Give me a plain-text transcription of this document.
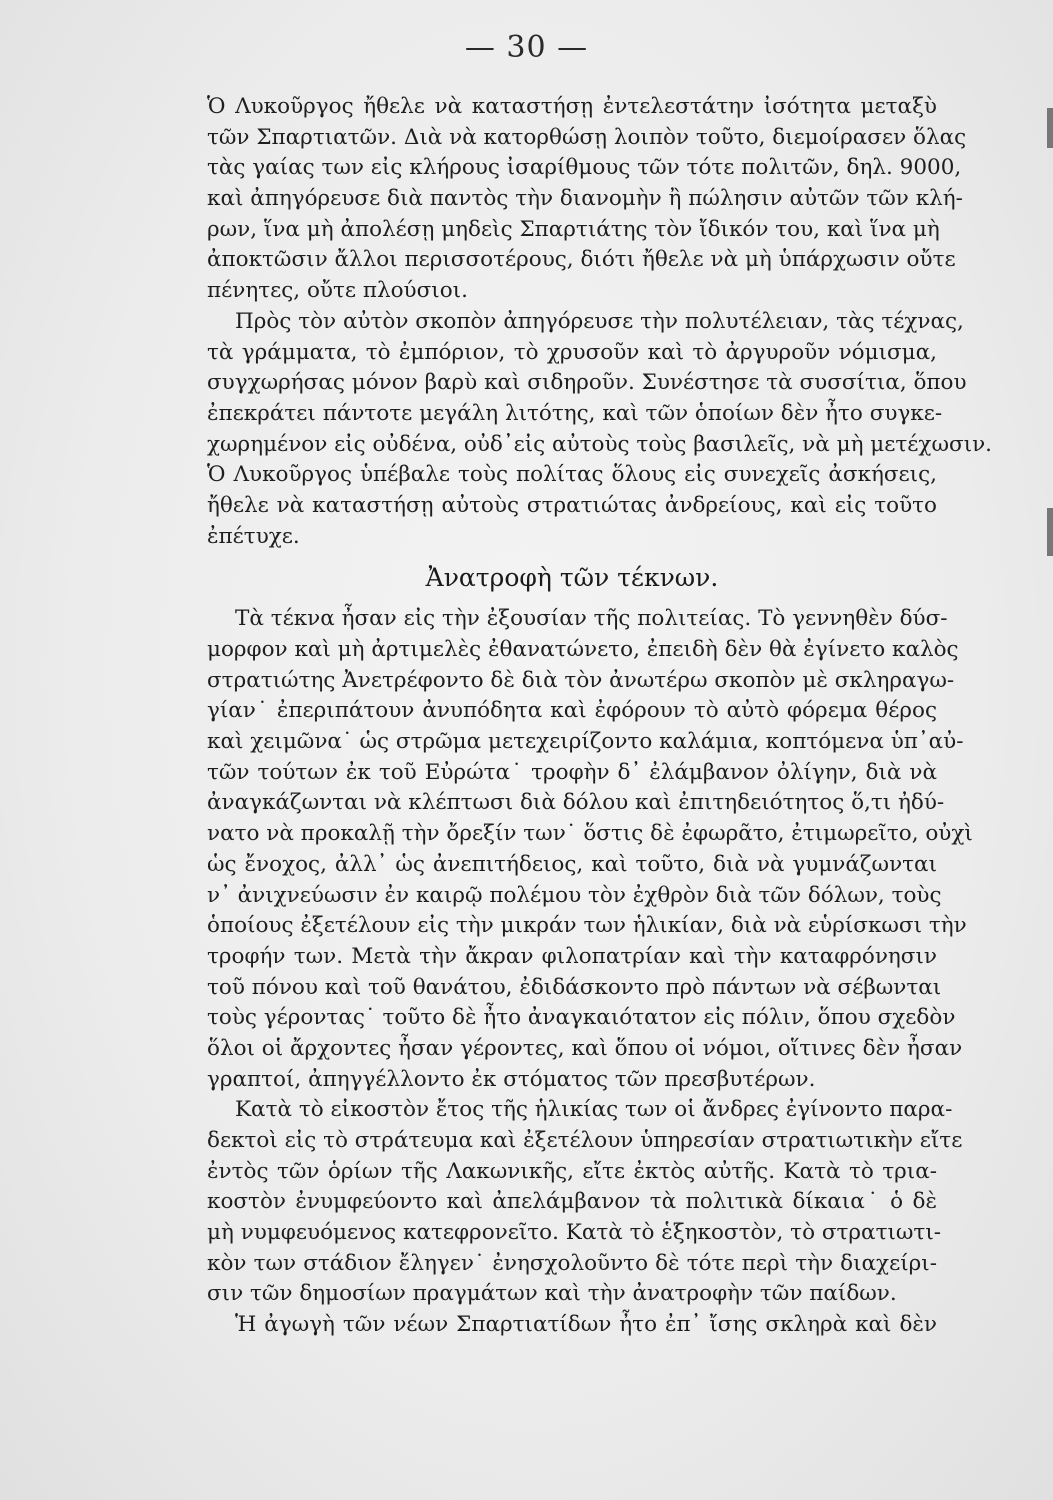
— 30 —
Ὁ Λυκοῦργος ἤθελε νὰ καταστήσῃ ἐντελεστάτην ἰσότητα μεταξὺ
τῶν Σπαρτιατῶν. Διὰ νὰ κατορθώσῃ λοιπὸν τοῦτο, διεμοίρασεν ὅλας
τὰς γαίας των εἰς κλήρους ἰσαρίθμους τῶν τότε πολιτῶν, δηλ. 9000,
καὶ ἀπηγόρευσε διὰ παντὸς τὴν διανομὴν ἢ πώλησιν αὐτῶν τῶν κλή-
ρων, ἵνα μὴ ἀπολέσῃ μηδεὶς Σπαρτιάτης τὸν ἴδικόν του, καὶ ἵνα μὴ
ἀποκτῶσιν ἄλλοι περισσοτέρους, διότι ἤθελε νὰ μὴ ὑπάρχωσιν οὔτε
πένητες, οὔτε πλούσιοι.
Πρὸς τὸν αὐτὸν σκοπὸν ἀπηγόρευσε τὴν πολυτέλειαν, τὰς τέχνας,
τὰ γράμματα, τὸ ἐμπόριον, τὸ χρυσοῦν καὶ τὸ ἀργυροῦν νόμισμα,
συγχωρήσας μόνον βαρὺ καὶ σιδηροῦν. Συνέστησε τὰ συσσίτια, ὅπου
ἐπεκράτει πάντοτε μεγάλη λιτότης, καὶ τῶν ὁποίων δὲν ἦτο συγκε-
χωρημένον εἰς οὐδένα, οὐδ᾽εἰς αὐτοὺς τοὺς βασιλεῖς, νὰ μὴ μετέχωσιν.
Ὁ Λυκοῦργος ὑπέβαλε τοὺς πολίτας ὅλους εἰς συνεχεῖς ἀσκήσεις,
ἤθελε νὰ καταστήσῃ αὐτοὺς στρατιώτας ἀνδρείους, καὶ εἰς τοῦτο
ἐπέτυχε.
Ἀνατροφὴ τῶν τέκνων.
Τὰ τέκνα ἦσαν εἰς τὴν ἐξουσίαν τῆς πολιτείας. Τὸ γεννηθὲν δύσ-
μορφον καὶ μὴ ἀρτιμελὲς ἐθανατώνετο, ἐπειδὴ δὲν θὰ ἐγίνετο καλὸς
στρατιώτης Ἀνετρέφοντο δὲ διὰ τὸν ἀνωτέρω σκοπὸν μὲ σκληραγω-
γίαν˙ ἐπεριπάτουν ἀνυπόδητα καὶ ἐφόρουν τὸ αὐτὸ φόρεμα θέρος
καὶ χειμῶνα˙ ὡς στρῶμα μετεχειρίζοντο καλάμια, κοπτόμενα ὑπ᾽αὐ-
τῶν τούτων ἐκ τοῦ Εὐρώτα˙ τροφὴν δ᾽ ἐλάμβανον ὀλίγην, διὰ νὰ
ἀναγκάζωνται νὰ κλέπτωσι διὰ δόλου καὶ ἐπιτηδειότητος ὅ,τι ἠδύ-
νατο νὰ προκαλῇ τὴν ὄρεξίν των˙ ὅστις δὲ ἐφωρᾶτο, ἐτιμωρεῖτο, οὐχὶ
ὡς ἔνοχος, ἀλλ᾽ ὡς ἀνεπιτήδειος, καὶ τοῦτο, διὰ νὰ γυμνάζωνται
ν᾽ ἀνιχνεύωσιν ἐν καιρῷ πολέμου τὸν ἐχθρὸν διὰ τῶν δόλων, τοὺς
ὁποίους ἐξετέλουν εἰς τὴν μικράν των ἡλικίαν, διὰ νὰ εὑρίσκωσι τὴν
τροφήν των. Μετὰ τὴν ἄκραν φιλοπατρίαν καὶ τὴν καταφρόνησιν
τοῦ πόνου καὶ τοῦ θανάτου, ἐδιδάσκοντο πρὸ πάντων νὰ σέβωνται
τοὺς γέροντας˙ τοῦτο δὲ ἦτο ἀναγκαιότατον εἰς πόλιν, ὅπου σχεδὸν
ὅλοι οἱ ἄρχοντες ἦσαν γέροντες, καὶ ὅπου οἱ νόμοι, οἵτινες δὲν ἦσαν
γραπτοί, ἀπηγγέλλοντο ἐκ στόματος τῶν πρεσβυτέρων.
Κατὰ τὸ εἰκοστὸν ἔτος τῆς ἡλικίας των οἱ ἄνδρες ἐγίνοντο παρα-
δεκτοὶ εἰς τὸ στράτευμα καὶ ἐξετέλουν ὑπηρεσίαν στρατιωτικὴν εἴτε
ἐντὸς τῶν ὁρίων τῆς Λακωνικῆς, εἴτε ἐκτὸς αὐτῆς. Κατὰ τὸ τρια-
κοστὸν ἐνυμφεύοντο καὶ ἀπελάμβανον τὰ πολιτικὰ δίκαια˙ ὁ δὲ
μὴ νυμφευόμενος κατεφρονεῖτο. Κατὰ τὸ ἑξηκοστὸν, τὸ στρατιωτι-
κὸν των στάδιον ἔληγεν˙ ἐνησχολοῦντο δὲ τότε περὶ τὴν διαχείρι-
σιν τῶν δημοσίων πραγμάτων καὶ τὴν ἀνατροφὴν τῶν παίδων.
Ἡ ἀγωγὴ τῶν νέων Σπαρτιατίδων ἦτο ἐπ᾽ ἴσης σκληρὰ καὶ δὲν
